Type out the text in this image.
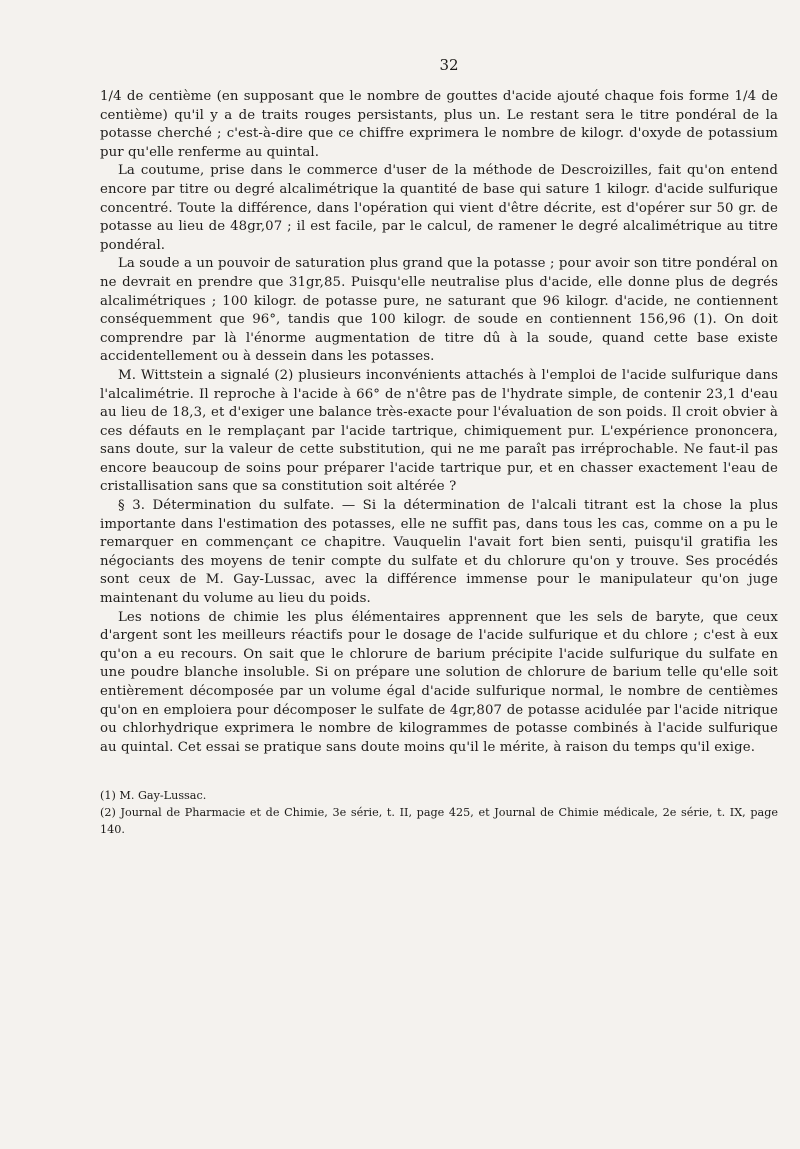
32

1/4 de centième (en supposant que le nombre de gouttes d'acide ajouté chaque fois forme 1/4 de centième) qu'il y a de traits rouges persistants, plus un. Le restant sera le titre pondéral de la potasse cherché ; c'est-à-dire que ce chiffre exprimera le nombre de kilogr. d'oxyde de potassium pur qu'elle renferme au quintal.

La coutume, prise dans le commerce d'user de la méthode de Descroizilles, fait qu'on entend encore par titre ou degré alcalimétrique la quantité de base qui sature 1 kilogr. d'acide sulfurique concentré. Toute la différence, dans l'opération qui vient d'être décrite, est d'opérer sur 50 gr. de potasse au lieu de 48gr,07 ; il est facile, par le calcul, de ramener le degré alcalimétrique au titre pondéral.

La soude a un pouvoir de saturation plus grand que la potasse ; pour avoir son titre pondéral on ne devrait en prendre que 31gr,85. Puisqu'elle neutralise plus d'acide, elle donne plus de degrés alcalimétriques ; 100 kilogr. de potasse pure, ne saturant que 96 kilogr. d'acide, ne contiennent conséquemment que 96°, tandis que 100 kilogr. de soude en contiennent 156,96 (1). On doit comprendre par là l'énorme augmentation de titre dû à la soude, quand cette base existe accidentellement ou à dessein dans les potasses.

M. Wittstein a signalé (2) plusieurs inconvénients attachés à l'emploi de l'acide sulfurique dans l'alcalimétrie. Il reproche à l'acide à 66° de n'être pas de l'hydrate simple, de contenir 23,1 d'eau au lieu de 18,3, et d'exiger une balance très-exacte pour l'évaluation de son poids. Il croit obvier à ces défauts en le remplaçant par l'acide tartrique, chimiquement pur. L'expérience prononcera, sans doute, sur la valeur de cette substitution, qui ne me paraît pas irréprochable. Ne faut-il pas encore beaucoup de soins pour préparer l'acide tartrique pur, et en chasser exactement l'eau de cristallisation sans que sa constitution soit altérée ?

§ 3. Détermination du sulfate. — Si la détermination de l'alcali titrant est la chose la plus importante dans l'estimation des potasses, elle ne suffit pas, dans tous les cas, comme on a pu le remarquer en commençant ce chapitre. Vauquelin l'avait fort bien senti, puisqu'il gratifia les négociants des moyens de tenir compte du sulfate et du chlorure qu'on y trouve. Ses procédés sont ceux de M. Gay-Lussac, avec la différence immense pour le manipulateur qu'on juge maintenant du volume au lieu du poids.

Les notions de chimie les plus élémentaires apprennent que les sels de baryte, que ceux d'argent sont les meilleurs réactifs pour le dosage de l'acide sulfurique et du chlore ; c'est à eux qu'on a eu recours. On sait que le chlorure de barium précipite l'acide sulfurique du sulfate en une poudre blanche insoluble. Si on prépare une solution de chlorure de barium telle qu'elle soit entièrement décomposée par un volume égal d'acide sulfurique normal, le nombre de centièmes qu'on en emploiera pour décomposer le sulfate de 4gr,807 de potasse acidulée par l'acide nitrique ou chlorhydrique exprimera le nombre de kilogrammes de potasse combinés à l'acide sulfurique au quintal. Cet essai se pratique sans doute moins qu'il le mérite, à raison du temps qu'il exige.

(1) M. Gay-Lussac.

(2) Journal de Pharmacie et de Chimie, 3e série, t. II, page 425, et Journal de Chimie médicale, 2e série, t. IX, page 140.
